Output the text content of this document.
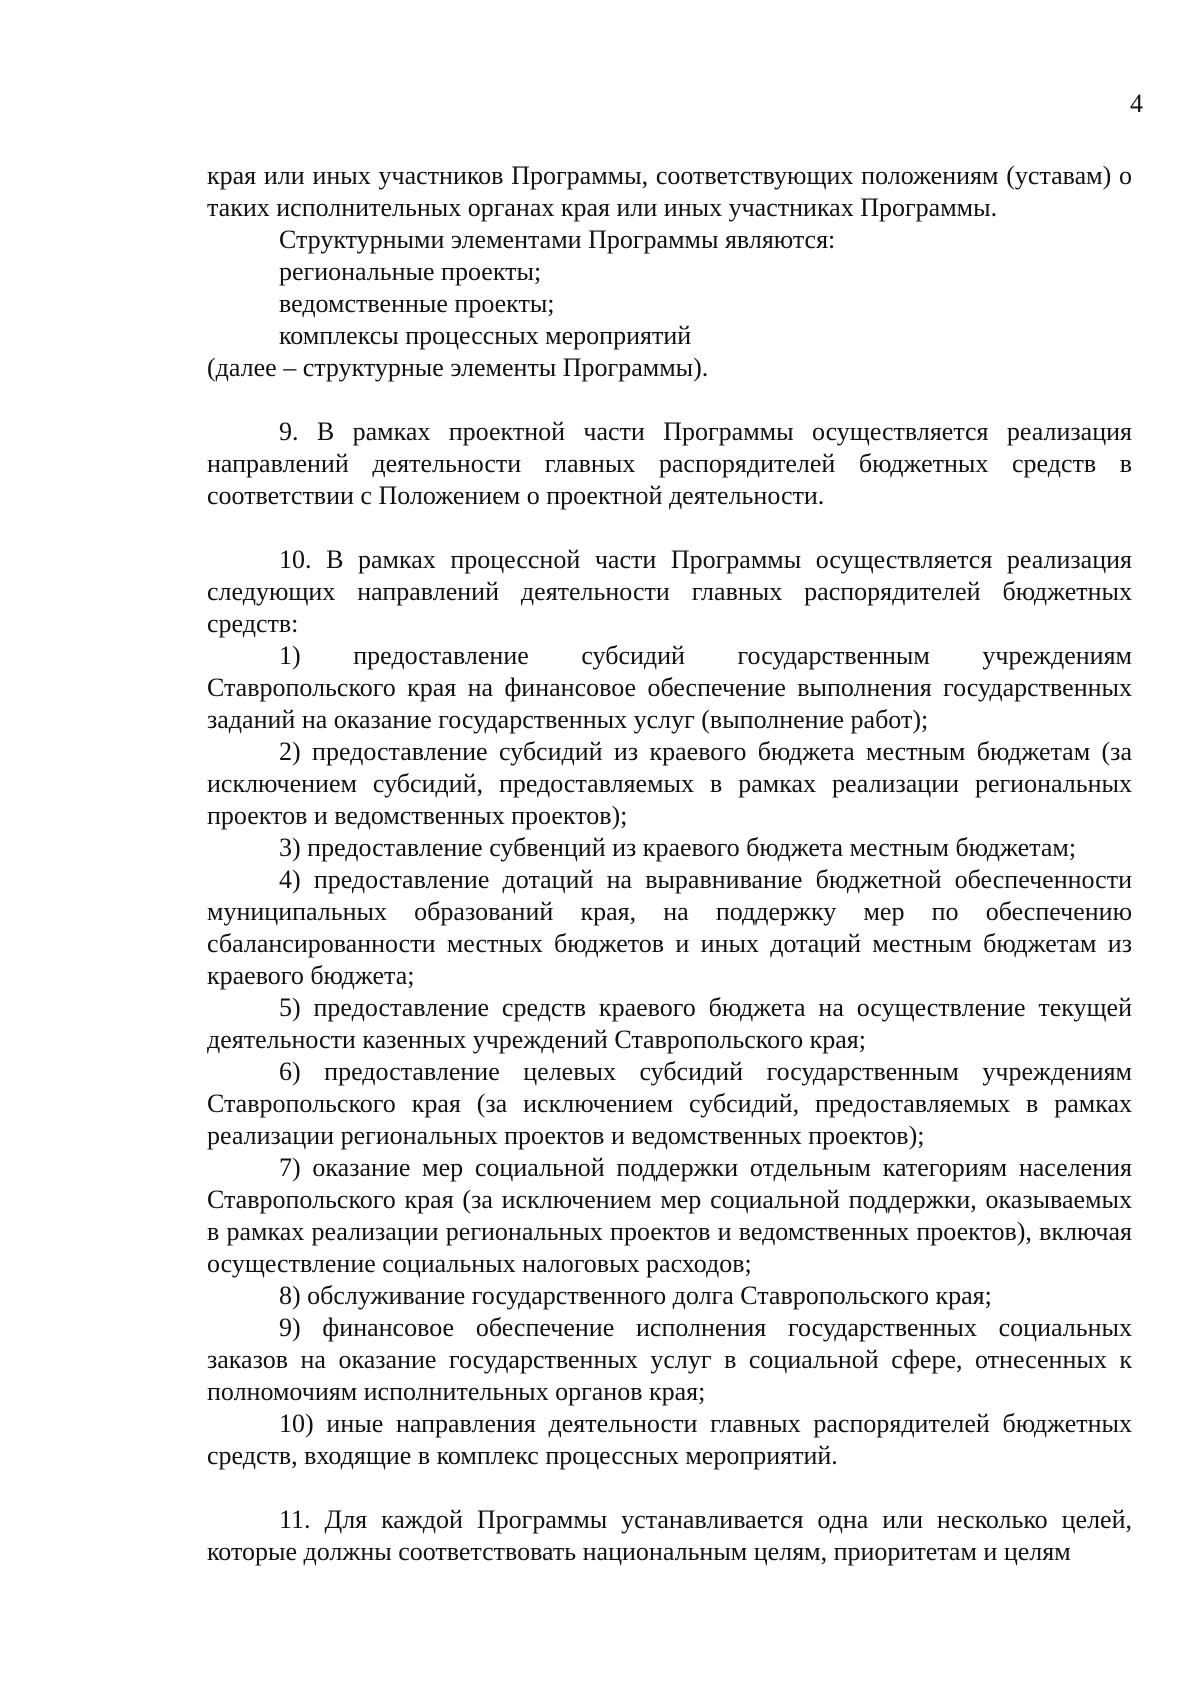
4

края или иных участников Программы, соответствующих положениям (уставам) о таких исполнительных органах края или иных участниках Программы.

Структурными элементами Программы являются:

региональные проекты;

ведомственные проекты;

комплексы процессных мероприятий

(далее – структурные элементы Программы).

9. В рамках проектной части Программы осуществляется реализация направлений деятельности главных распорядителей бюджетных средств в соответствии с Положением о проектной деятельности.

10. В рамках процессной части Программы осуществляется реализация следующих направлений деятельности главных распорядителей бюджетных средств:

1) предоставление субсидий государственным учреждениям Ставропольского края на финансовое обеспечение выполнения государственных заданий на оказание государственных услуг (выполнение работ);

2) предоставление субсидий из краевого бюджета местным бюджетам (за исключением субсидий, предоставляемых в рамках реализации региональных проектов и ведомственных проектов);

3) предоставление субвенций из краевого бюджета местным бюджетам;

4) предоставление дотаций на выравнивание бюджетной обеспеченности муниципальных образований края, на поддержку мер по обеспечению сбалансированности местных бюджетов и иных дотаций местным бюджетам из краевого бюджета;

5) предоставление средств краевого бюджета на осуществление текущей деятельности казенных учреждений Ставропольского края;

6) предоставление целевых субсидий государственным учреждениям Ставропольского края (за исключением субсидий, предоставляемых в рамках реализации региональных проектов и ведомственных проектов);

7) оказание мер социальной поддержки отдельным категориям населения Ставропольского края (за исключением мер социальной поддержки, оказываемых в рамках реализации региональных проектов и ведомственных проектов), включая осуществление социальных налоговых расходов;

8) обслуживание государственного долга Ставропольского края;

9) финансовое обеспечение исполнения государственных социальных заказов на оказание государственных услуг в социальной сфере, отнесенных к полномочиям исполнительных органов края;

10) иные направления деятельности главных распорядителей бюджетных средств, входящие в комплекс процессных мероприятий.

11. Для каждой Программы устанавливается одна или несколько целей, которые должны соответствовать национальным целям, приоритетам и целям
